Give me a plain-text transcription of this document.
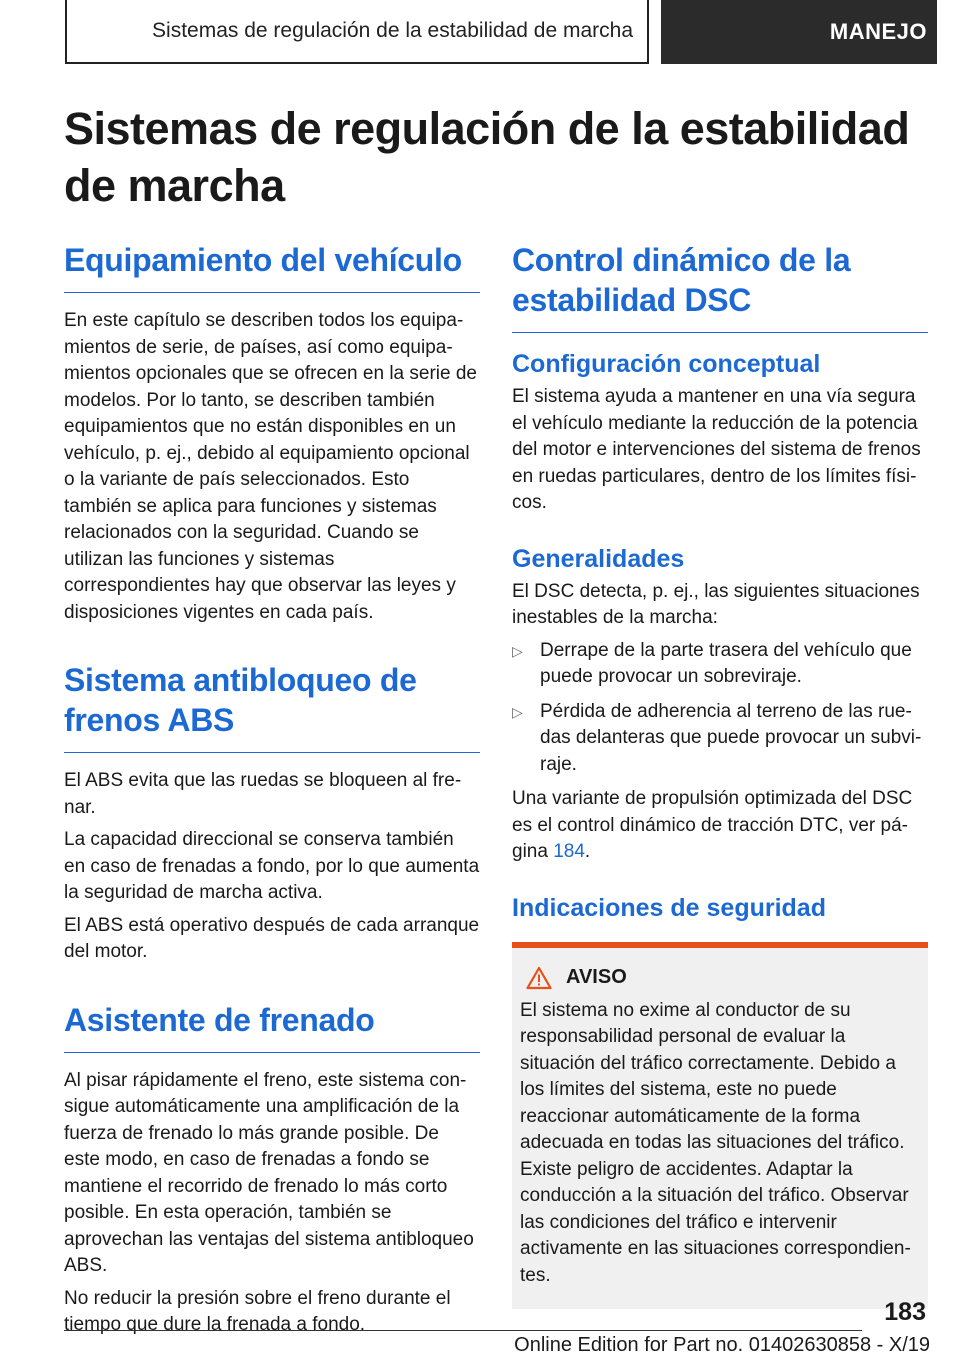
Sistemas de regulación de la estabilidad de marcha	MANEJO
Sistemas de regulación de la estabilidad de marcha
Equipamiento del vehículo

En este capítulo se describen todos los equipamientos de serie, de países, así como equipamientos opcionales que se ofrecen en la serie de modelos. Por lo tanto, se describen también equipamientos que no están disponibles en un vehículo, p. ej., debido al equipamiento opcional o la variante de país seleccionados. Esto también se aplica para funciones y sistemas relacionados con la seguridad. Cuando se utilizan las funciones y sistemas correspondientes hay que observar las leyes y disposiciones vigentes en cada país.

Sistema antibloqueo de frenos ABS

El ABS evita que las ruedas se bloqueen al frenar.

La capacidad direccional se conserva también en caso de frenadas a fondo, por lo que aumenta la seguridad de marcha activa.

El ABS está operativo después de cada arranque del motor.

Asistente de frenado

Al pisar rápidamente el freno, este sistema consigue automáticamente una amplificación de la fuerza de frenado lo más grande posible. De este modo, en caso de frenadas a fondo se mantiene el recorrido de frenado lo más corto posible. En esta operación, también se aprovechan las ventajas del sistema antibloqueo ABS.

No reducir la presión sobre el freno durante el tiempo que dure la frenada a fondo.

Control dinámico de la estabilidad DSC
Configuración conceptual

El sistema ayuda a mantener en una vía segura el vehículo mediante la reducción de la potencia del motor e intervenciones del sistema de frenos en ruedas particulares, dentro de los límites físicos.

Generalidades

El DSC detecta, p. ej., las siguientes situaciones inestables de la marcha:

▷ Derrape de la parte trasera del vehículo que puede provocar un sobreviraje.
▷ Pérdida de adherencia al terreno de las ruedas delanteras que puede provocar un subviraje.

Una variante de propulsión optimizada del DSC es el control dinámico de tracción DTC, ver página 184.

Indicaciones de seguridad
AVISO

El sistema no exime al conductor de su responsabilidad personal de evaluar la situación del tráfico correctamente. Debido a los límites del sistema, este no puede reaccionar automáticamente de la forma adecuada en todas las situaciones del tráfico. Existe peligro de accidentes. Adaptar la conducción a la situación del tráfico. Observar las condiciones del tráfico e intervenir activamente en las situaciones correspondientes.

183
Online Edition for Part no. 01402630858 - X/19
